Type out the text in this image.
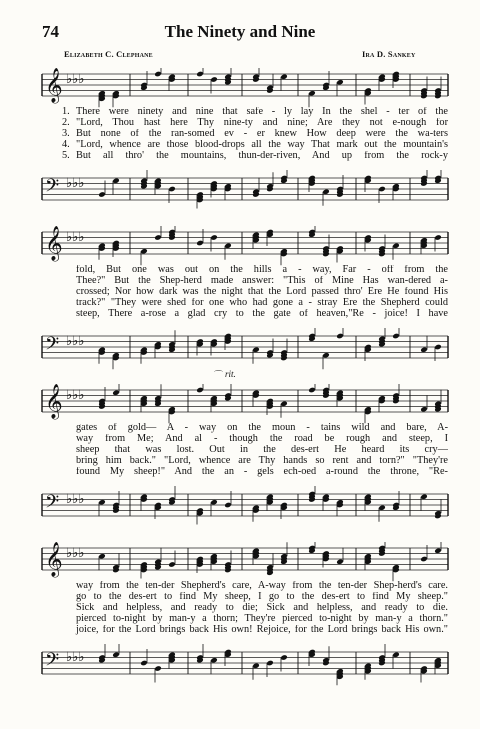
74	The Ninety and Nine
Elizabeth C. Clephane	Ira D. Sankey
𝄞 ♭♭♭
1. There were ninety and nine that safe - ly lay In the shel - ter of the
2. "Lord, Thou hast here Thy nine-ty and nine; Are they not e-nough for
3. But none of the ran-somed ev - er knew How deep were the wa-ters
4. "Lord, whence are those blood-drops all the way That mark out the mountain's
5. But all thro' the mountains, thun-der-riven, And up from the rock-y
𝄢 ♭♭♭
𝄞 ♭♭♭
fold, But one was out on the hills a - way, Far - off from the
Thee?" But the Shep-herd made answer: "This of Mine Has wan-dered a-
crossed; Nor how dark was the night that the Lord passed thro' Ere He found His
track?" "They were shed for one who had gone a - stray Ere the Shepherd could
steep, There a-rose a glad cry to the gate of heaven,"Re - joice! I have
𝄢 ♭♭♭
⌒ rit.
𝄞 ♭♭♭
gates of gold— A - way on the moun - tains wild and bare, A-
way from Me; And al - though the road be rough and steep, I
sheep that was lost. Out in the des-ert He heard its cry—
bring him back." "Lord, whence are Thy hands so rent and torn?" "They're
found My sheep!" And the an - gels ech-oed a-round the throne, "Re-
𝄢 ♭♭♭
𝄞 ♭♭♭
way from the ten-der Shepherd's care, A-way from the ten-der Shep-herd's care.
go to the des-ert to find My sheep, I go to the des-ert to find My sheep."
Sick and helpless, and ready to die; Sick and helpless, and ready to die.
pierced to-night by man-y a thorn; They're pierced to-night by man-y a thorn."
joice, for the Lord brings back His own! Rejoice, for the Lord brings back His own."
𝄢 ♭♭♭
